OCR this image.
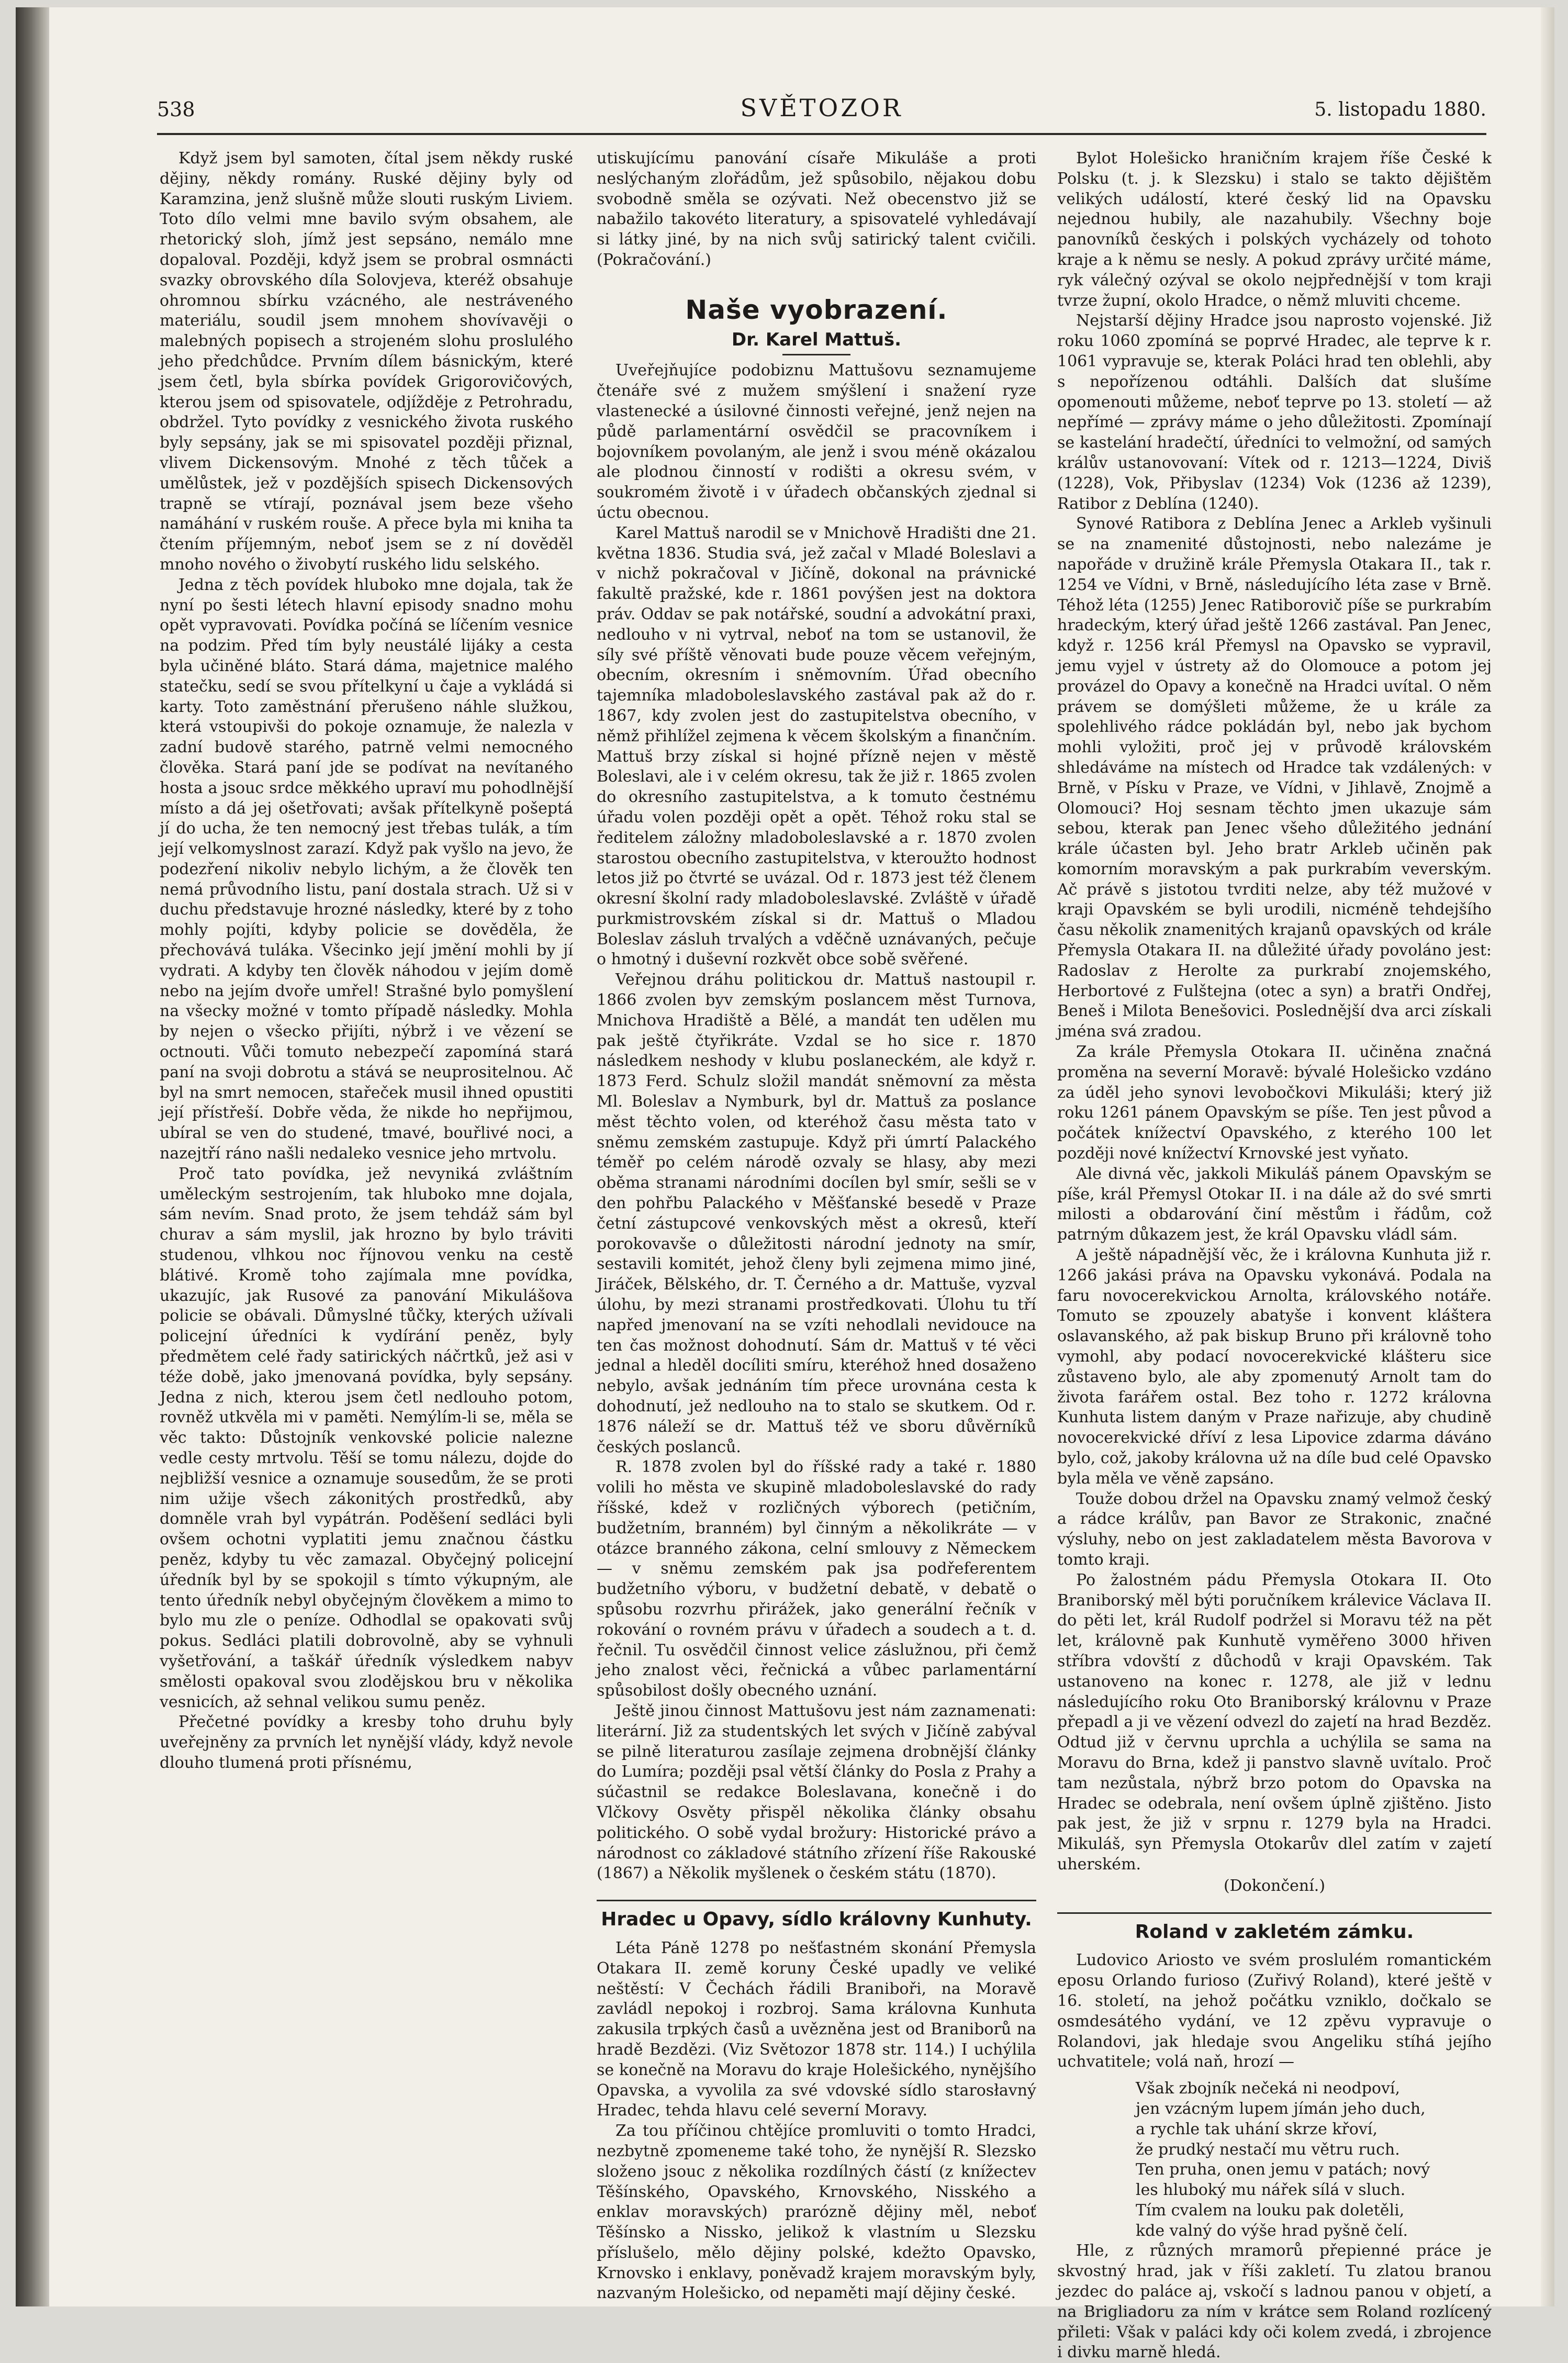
538	SVĚTOZOR	5. listopadu 1880.

Když jsem byl samoten, čítal jsem někdy ruské dějiny, někdy romány. Ruské dějiny byly od Karamzina, jenž slušně může slouti ruským Liviem. Toto dílo velmi mne bavilo svým obsahem, ale rhetorický sloh, jímž jest sepsáno, nemálo mne dopaloval. Později, když jsem se probral osmnácti svazky obrovského díla Solovjeva, kteréž obsahuje ohromnou sbírku vzácného, ale nestráveného materiálu, soudil jsem mnohem shovívavěji o malebných popisech a strojeném slohu proslulého jeho předchůdce. Prvním dílem básnickým, které jsem četl, byla sbírka povídek Grigorovičových, kterou jsem od spisovatele, odjížděje z Petrohradu, obdržel. Tyto povídky z vesnického života ruského byly sepsány, jak se mi spisovatel později přiznal, vlivem Dickensovým. Mnohé z těch tůček a umělůstek, jež v pozdějších spisech Dickensových trapně se vtírají, poznával jsem beze všeho namáhání v ruském rouše. A přece byla mi kniha ta čtením příjemným, neboť jsem se z ní dověděl mnoho nového o živobytí ruského lidu selského.

Jedna z těch povídek hluboko mne dojala, tak že nyní po šesti létech hlavní episody snadno mohu opět vypravovati. Povídka počíná se líčením vesnice na podzim. Před tím byly neustálé lijáky a cesta byla učiněné bláto. Stará dáma, majetnice malého statečku, sedí se svou přítelkyní u čaje a vykládá si karty. Toto zaměstnání přerušeno náhle služkou, která vstoupivši do pokoje oznamuje, že nalezla v zadní budově starého, patrně velmi nemocného člověka. Stará paní jde se podívat na nevítaného hosta a jsouc srdce měkkého upraví mu pohodlnější místo a dá jej ošetřovati; avšak přítelkyně pošeptá jí do ucha, že ten nemocný jest třebas tulák, a tím její velkomyslnost zarazí. Když pak vyšlo na jevo, že podezření nikoliv nebylo lichým, a že člověk ten nemá průvodního listu, paní dostala strach. Už si v duchu představuje hrozné následky, které by z toho mohly pojíti, kdyby policie se dověděla, že přechovává tuláka. Všecinko její jmění mohli by jí vydrati. A kdyby ten člověk náhodou v jejím domě nebo na jejím dvoře umřel! Strašné bylo pomyšlení na všecky možné v tomto případě následky. Mohla by nejen o všecko přijíti, nýbrž i ve vězení se octnouti. Vůči tomuto nebezpečí zapomíná stará paní na svoji dobrotu a stává se neuprositelnou. Ač byl na smrt nemocen, stařeček musil ihned opustiti její přístřeší. Dobře věda, že nikde ho nepřijmou, ubíral se ven do studené, tmavé, bouřlivé noci, a nazejtří ráno našli nedaleko vesnice jeho mrtvolu.

Proč tato povídka, jež nevyniká zvláštním uměleckým sestrojením, tak hluboko mne dojala, sám nevím. Snad proto, že jsem tehdáž sám byl churav a sám myslil, jak hrozno by bylo tráviti studenou, vlhkou noc říjnovou venku na cestě blátivé. Kromě toho zajímala mne povídka, ukazujíc, jak Rusové za panování Mikulášova policie se obávali. Důmyslné tůčky, kterých užívali policejní úředníci k vydírání peněz, byly předmětem celé řady satirických náčrtků, jež asi v téže době, jako jmenovaná povídka, byly sepsány. Jedna z nich, kterou jsem četl nedlouho potom, rovněž utkvěla mi v paměti. Nemýlím-li se, měla se věc takto: Důstojník venkovské policie nalezne vedle cesty mrtvolu. Těší se tomu nálezu, dojde do nejbližší vesnice a oznamuje sousedům, že se proti nim užije všech zákonitých prostředků, aby domněle vrah byl vypátrán. Poděšení sedláci byli ovšem ochotni vyplatiti jemu značnou částku peněz, kdyby tu věc zamazal. Obyčejný policejní úředník byl by se spokojil s tímto výkupným, ale tento úředník nebyl obyčejným člověkem a mimo to bylo mu zle o peníze. Odhodlal se opakovati svůj pokus. Sedláci platili dobrovolně, aby se vyhnuli vyšetřování, a taškář úředník výsledkem nabyv smělosti opakoval svou zlodějskou bru v několika vesnicích, až sehnal velikou sumu peněz.

Přečetné povídky a kresby toho druhu byly uveřejněny za prvních let nynější vlády, když nevole dlouho tlumená proti přísnému,

utiskujícímu panování císaře Mikuláše a proti neslýchaným zlořádům, jež spůsobilo, nějakou dobu svobodně směla se ozývati. Než obecenstvo již se nabažilo takovéto literatury, a spisovatelé vyhledávají si látky jiné, by na nich svůj satirický talent cvičili. (Pokračování.)

Naše vyobrazení.
Dr. Karel Mattuš.

Uveřejňujíce podobiznu Mattušovu seznamujeme čtenáře své z mužem smýšlení i snažení ryze vlastenecké a úsilovné činnosti veřejné, jenž nejen na půdě parlamentární osvědčil se pracovníkem i bojovníkem povolaným, ale jenž i svou méně okázalou ale plodnou činností v rodišti a okresu svém, v soukromém životě i v úřadech občanských zjednal si úctu obecnou.

Karel Mattuš narodil se v Mnichově Hradišti dne 21. května 1836. Studia svá, jež začal v Mladé Boleslavi a v nichž pokračoval v Jičíně, dokonal na právnické fakultě pražské, kde r. 1861 povýšen jest na doktora práv. Oddav se pak notářské, soudní a advokátní praxi, nedlouho v ni vytrval, neboť na tom se ustanovil, že síly své příště věnovati bude pouze věcem veřejným, obecním, okresním i sněmovním. Úřad obecního tajemníka mladoboleslavského zastával pak až do r. 1867, kdy zvolen jest do zastupitelstva obecního, v němž přihlížel zejmena k věcem školským a finančním. Mattuš brzy získal si hojné přízně nejen v městě Boleslavi, ale i v celém okresu, tak že již r. 1865 zvolen do okresního zastupitelstva, a k tomuto čestnému úřadu volen později opět a opět. Téhož roku stal se ředitelem záložny mladoboleslavské a r. 1870 zvolen starostou obecního zastupitelstva, v kteroužto hodnost letos již po čtvrté se uvázal. Od r. 1873 jest též členem okresní školní rady mladoboleslavské. Zvláště v úřadě purkmistrovském získal si dr. Mattuš o Mladou Boleslav zásluh trvalých a vděčně uznávaných, pečuje o hmotný i duševní rozkvět obce sobě svěřené.

Veřejnou dráhu politickou dr. Mattuš nastoupil r. 1866 zvolen byv zemským poslancem měst Turnova, Mnichova Hradiště a Bělé, a mandát ten udělen mu pak ještě čtyřikráte. Vzdal se ho sice r. 1870 následkem neshody v klubu poslaneckém, ale když r. 1873 Ferd. Schulz složil mandát sněmovní za města Ml. Boleslav a Nymburk, byl dr. Mattuš za poslance měst těchto volen, od kteréhož času města tato v sněmu zemském zastupuje. Když při úmrtí Palackého téměř po celém národě ozvaly se hlasy, aby mezi oběma stranami národními docílen byl smír, sešli se v den pohřbu Palackého v Měšťanské besedě v Praze četní zástupcové venkovských měst a okresů, kteří porokovavše o důležitosti národní jednoty na smír, sestavili komitét, jehož členy byli zejmena mimo jiné, Jiráček, Bělského, dr. T. Černého a dr. Mattuše, vyzval úlohu, by mezi stranami prostředkovati. Úlohu tu tří napřed jmenovaní na se vzíti nehodlali nevidouce na ten čas možnost dohodnutí. Sám dr. Mattuš v té věci jednal a hleděl docíliti smíru, kteréhož hned dosaženo nebylo, avšak jednáním tím přece urovnána cesta k dohodnutí, jež nedlouho na to stalo se skutkem. Od r. 1876 náleží se dr. Mattuš též ve sboru důvěrníků českých poslanců.

R. 1878 zvolen byl do říšské rady a také r. 1880 volili ho města ve skupině mladoboleslavské do rady říšské, kdež v rozličných výborech (petičním, budžetním, branném) byl činným a několikráte — v otázce branného zákona, celní smlouvy z Německem — v sněmu zemském pak jsa podřeferentem budžetního výboru, v budžetní debatě, v debatě o spůsobu rozvrhu přirážek, jako generální řečník v rokování o rovném právu v úřadech a soudech a t. d. řečnil. Tu osvědčil činnost velice záslužnou, při čemž jeho znalost věci, řečnická a vůbec parlamentární spůsobilost došly obecného uznání.

Ještě jinou činnost Mattušovu jest nám zaznamenati: literární. Již za studentských let svých v Jičíně zabýval se pilně literaturou zasílaje zejmena drobnější články do Lumíra; později psal větší články do Posla z Prahy a súčastnil se redakce Boleslavana, konečně i do Vlčkovy Osvěty přispěl několika články obsahu politického. O sobě vydal brožury: Historické právo a národnost co základové státního zřízení říše Rakouské (1867) a Několik myšlenek o českém státu (1870).

Hradec u Opavy, sídlo královny Kunhuty.

Léta Páně 1278 po nešťastném skonání Přemysla Otakara II. země koruny České upadly ve veliké neštěstí: V Čechách řádili Braniboři, na Moravě zavládl nepokoj i rozbroj. Sama královna Kunhuta zakusila trpkých časů a uvězněna jest od Braniborů na hradě Bezdězi. (Viz Světozor 1878 str. 114.) I uchýlila se konečně na Moravu do kraje Holešického, nynějšího Opavska, a vyvolila za své vdovské sídlo starosłavný Hradec, tehda hlavu celé severní Moravy.

Za tou příčinou chtějíce promluviti o tomto Hradci, nezbytně zpomeneme také toho, že nynější R. Slezsko složeno jsouc z několika rozdílných částí (z knížectev Těšínského, Opavského, Krnovského, Nisského a enklav moravských) prarózně dějiny měl, neboť Těšínsko a Nissko, jelikož k vlastním u Slezsku příslušelo, mělo dějiny polské, kdežto Opavsko, Krnovsko i enklavy, poněvadž krajem moravským byly, nazvaným Holešicko, od nepaměti mají dějiny české.

Bylot Holešicko hraničním krajem říše České k Polsku (t. j. k Slezsku) i stalo se takto dějištěm velikých událostí, které český lid na Opavsku nejednou hubily, ale nazahubily. Všechny boje panovníků českých i polských vycházely od tohoto kraje a k němu se nesly. A pokud zprávy určité máme, ryk válečný ozýval se okolo nejpřednější v tom kraji tvrze župní, okolo Hradce, o němž mluviti chceme.

Nejstarší dějiny Hradce jsou naprosto vojenské. Již roku 1060 zpomíná se poprvé Hradec, ale teprve k r. 1061 vypravuje se, kterak Poláci hrad ten oblehli, aby s nepořízenou odtáhli. Dalších dat slušíme opomenouti můžeme, neboť teprve po 13. století — až nepřímé — zprávy máme o jeho důležitosti. Zpomínají se kastelání hradečtí, úředníci to velmožní, od samých králův ustanovovaní: Vítek od r. 1213—1224, Diviš (1228), Vok, Přibyslav (1234) Vok (1236 až 1239), Ratibor z Deblína (1240).

Synové Ratibora z Deblína Jenec a Arkleb vyšinuli se na znamenité důstojnosti, nebo nalezáme je napořáde v družině krále Přemysla Otakara II., tak r. 1254 ve Vídni, v Brně, následujícího léta zase v Brně. Téhož léta (1255) Jenec Ratiborovič píše se purkrabím hradeckým, který úřad ještě 1266 zastával. Pan Jenec, když r. 1256 král Přemysl na Opavsko se vypravil, jemu vyjel v ústrety až do Olomouce a potom jej provázel do Opavy a konečně na Hradci uvítal. O něm právem se domýšleti můžeme, že u krále za spolehlivého rádce pokládán byl, nebo jak bychom mohli vyložiti, proč jej v průvodě královském shledáváme na místech od Hradce tak vzdálených: v Brně, v Písku v Praze, ve Vídni, v Jihlavě, Znojmě a Olomouci? Hoj sesnam těchto jmen ukazuje sám sebou, kterak pan Jenec všeho důležitého jednání krále účasten byl. Jeho bratr Arkleb učiněn pak komorním moravským a pak purkrabím veverským. Ač právě s jistotou tvrditi nelze, aby též mužové v kraji Opavském se byli urodili, nicméně tehdejšího času několik znamenitých krajanů opavských od krále Přemysla Otakara II. na důležité úřady povoláno jest: Radoslav z Herolte za purkrabí znojemského, Herbortové z Fulštejna (otec a syn) a bratři Ondřej, Beneš i Milota Benešovici. Poslednější dva arci získali jména svá zradou.

Za krále Přemysla Otokara II. učiněna značná proměna na severní Moravě: bývalé Holešicko vzdáno za úděl jeho synovi levobočkovi Mikuláši; který již roku 1261 pánem Opavským se píše. Ten jest původ a počátek knížectví Opavského, z kterého 100 let později nové knížectví Krnovské jest vyňato.

Ale divná věc, jakkoli Mikuláš pánem Opavským se píše, král Přemysl Otokar II. i na dále až do své smrti milosti a obdarování činí městům i řádům, což patrným důkazem jest, že král Opavsku vládl sám.

A ještě nápadnější věc, že i královna Kunhuta již r. 1266 jakási práva na Opavsku vykonává. Podala na faru novocerekvickou Arnolta, královského notáře. Tomuto se zpouzely abatyše i konvent kláštera oslavanského, až pak biskup Bruno při královně toho vymohl, aby podací novocerekvické klášteru sice zůstaveno bylo, ale aby zpomenutý Arnolt tam do života farářem ostal. Bez toho r. 1272 královna Kunhuta listem daným v Praze nařizuje, aby chudině novocerekvické dříví z lesa Lipovice zdarma dáváno bylo, což, jakoby královna už na díle bud celé Opavsko byla měla ve věně zapsáno.

Touže dobou držel na Opavsku znamý velmož český a rádce králův, pan Bavor ze Strakonic, značné výsluhy, nebo on jest zakladatelem města Bavorova v tomto kraji.

Po žalostném pádu Přemysla Otokara II. Oto Braniborský měl býti poručníkem králevice Václava II. do pěti let, král Rudolf podržel si Moravu též na pět let, královně pak Kunhutě vyměřeno 3000 hřiven stříbra vdovští z důchodů v kraji Opavském. Tak ustanoveno na konec r. 1278, ale již v lednu následujícího roku Oto Braniborský královnu v Praze přepadl a ji ve vězení odvezl do zajetí na hrad Bezděz. Odtud již v červnu uprchla a uchýlila se sama na Moravu do Brna, kdež ji panstvo slavně uvítalo. Proč tam nezůstala, nýbrž brzo potom do Opavska na Hradec se odebrala, není ovšem úplně zjištěno. Jisto pak jest, že již v srpnu r. 1279 byla na Hradci. Mikuláš, syn Přemysla Otokarův dlel zatím v zajetí uherském.

(Dokončení.)
Roland v zakletém zámku.

Ludovico Ariosto ve svém proslulém romantickém eposu Orlando furioso (Zuřivý Roland), které ještě v 16. století, na jehož počátku vzniklo, dočkalo se osmdesátého vydání, ve 12 zpěvu vypravuje o Rolandovi, jak hledaje svou Angeliku stíhá jejího uchvatitele; volá naň, hrozí —

Však zbojník nečeká ni neodpoví,
jen vzácným lupem jímán jeho duch,
a rychle tak uhání skrze křoví,
že prudký nestačí mu větru ruch.
Ten pruha, onen jemu v patách; nový
les hluboký mu nářek sílá v sluch.
Tím cvalem na louku pak doletěli,
kde valný do výše hrad pyšně čelí.

Hle, z různých mramorů přepienné práce je skvostný hrad, jak v říši zakletí. Tu zlatou branou jezdec do paláce aj, vskočí s ladnou panou v objetí, a na Brigliadoru za ním v krátce sem Roland rozlícený přileti: Však v paláci kdy oči kolem zvedá, i zbrojence i divku marně hledá.
